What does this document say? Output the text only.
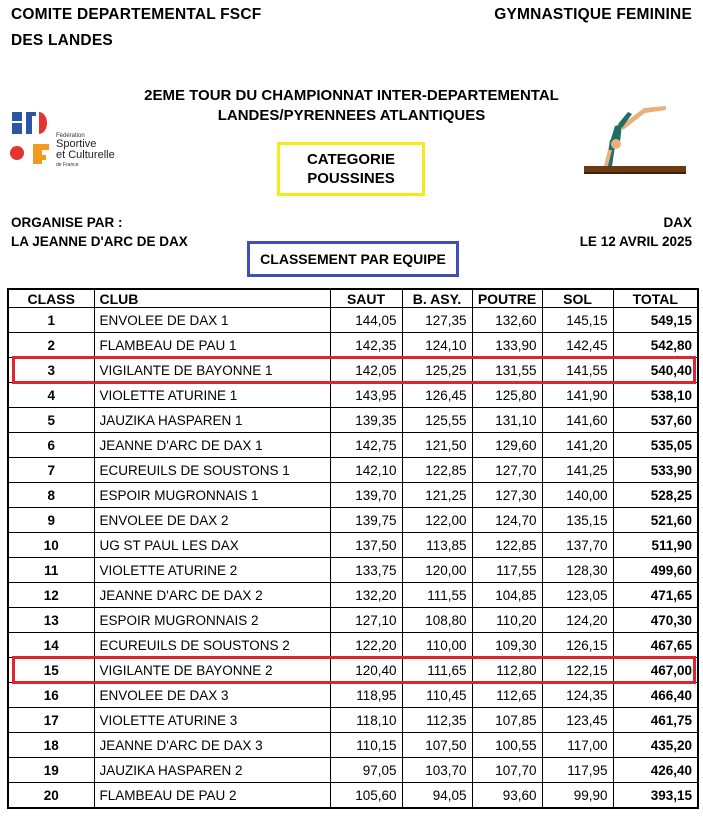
COMITE DEPARTEMENTAL FSCF
DES LANDES
GYMNASTIQUE FEMININE
2EME TOUR DU CHAMPIONNAT INTER-DEPARTEMENTAL
LANDES/PYRENNEES ATLANTIQUES
Fédération
Sportive
et Culturelle
de France	CATEGORIE
POUSSINES
ORGANISE PAR :
LA JEANNE D'ARC DE DAX
DAX
LE 12 AVRIL 2025
CLASSEMENT PAR EQUIPE
CLASS	CLUB	SAUT	B. ASY.	POUTRE	SOL	TOTAL
1	ENVOLEE DE DAX 1	144,05	127,35	132,60	145,15	549,15
2	FLAMBEAU DE PAU 1	142,35	124,10	133,90	142,45	542,80
3	VIGILANTE DE BAYONNE 1	142,05	125,25	131,55	141,55	540,40
4	VIOLETTE ATURINE 1	143,95	126,45	125,80	141,90	538,10
5	JAUZIKA HASPAREN 1	139,35	125,55	131,10	141,60	537,60
6	JEANNE D'ARC DE DAX 1	142,75	121,50	129,60	141,20	535,05
7	ECUREUILS DE SOUSTONS 1	142,10	122,85	127,70	141,25	533,90
8	ESPOIR MUGRONNAIS 1	139,70	121,25	127,30	140,00	528,25
9	ENVOLEE DE DAX 2	139,75	122,00	124,70	135,15	521,60
10	UG ST PAUL LES DAX	137,50	113,85	122,85	137,70	511,90
11	VIOLETTE ATURINE 2	133,75	120,00	117,55	128,30	499,60
12	JEANNE D'ARC DE DAX 2	132,20	111,55	104,85	123,05	471,65
13	ESPOIR MUGRONNAIS 2	127,10	108,80	110,20	124,20	470,30
14	ECUREUILS DE SOUSTONS 2	122,20	110,00	109,30	126,15	467,65
15	VIGILANTE DE BAYONNE 2	120,40	111,65	112,80	122,15	467,00
16	ENVOLEE DE DAX 3	118,95	110,45	112,65	124,35	466,40
17	VIOLETTE ATURINE 3	118,10	112,35	107,85	123,45	461,75
18	JEANNE D'ARC DE DAX 3	110,15	107,50	100,55	117,00	435,20
19	JAUZIKA HASPAREN 2	97,05	103,70	107,70	117,95	426,40
20	FLAMBEAU DE PAU 2	105,60	94,05	93,60	99,90	393,15
